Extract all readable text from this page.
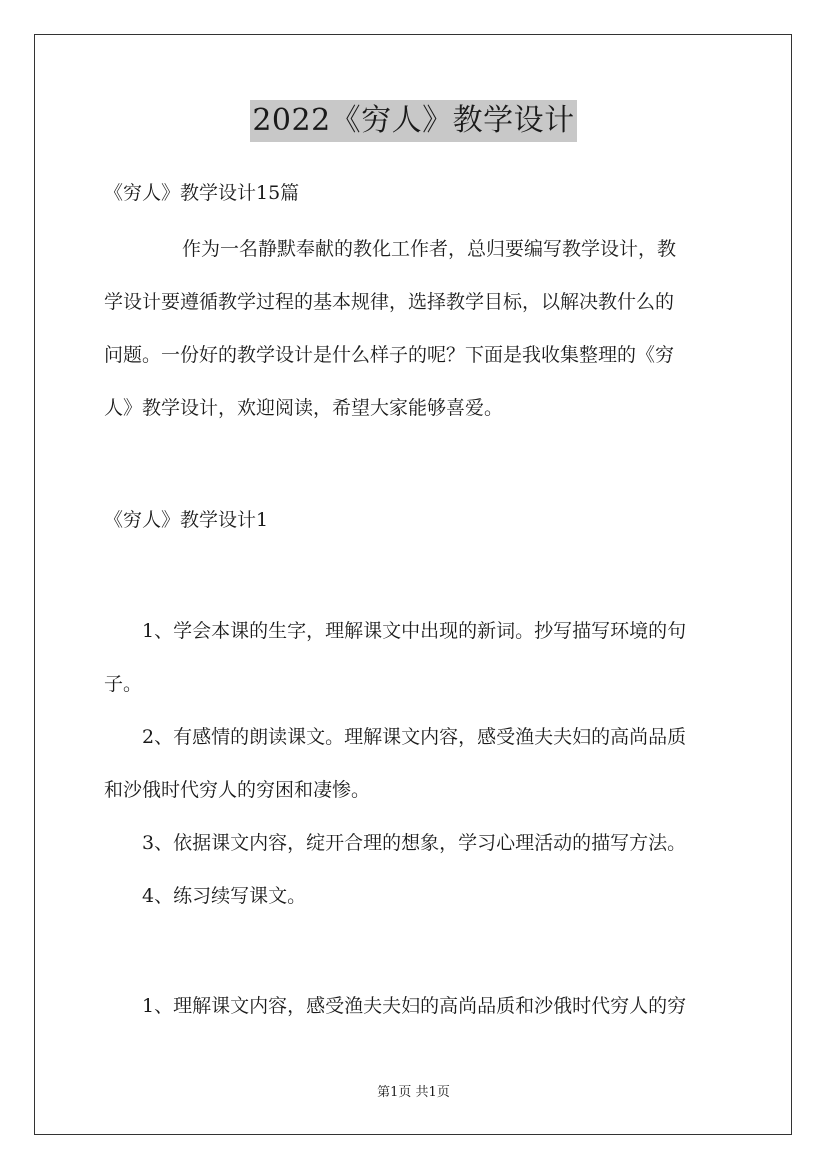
2022《穷人》教学设计
《穷人》教学设计15篇
作为一名静默奉献的教化工作者，总归要编写教学设计，教
学设计要遵循教学过程的基本规律，选择教学目标，以解决教什么的
问题。一份好的教学设计是什么样子的呢？下面是我收集整理的《穷
人》教学设计，欢迎阅读，希望大家能够喜爱。
《穷人》教学设计1
1、学会本课的生字，理解课文中出现的新词。抄写描写环境的句
子。
2、有感情的朗读课文。理解课文内容，感受渔夫夫妇的高尚品质
和沙俄时代穷人的穷困和凄惨。
3、依据课文内容，绽开合理的想象，学习心理活动的描写方法。
4、练习续写课文。
1、理解课文内容，感受渔夫夫妇的高尚品质和沙俄时代穷人的穷
第1页 共1页
